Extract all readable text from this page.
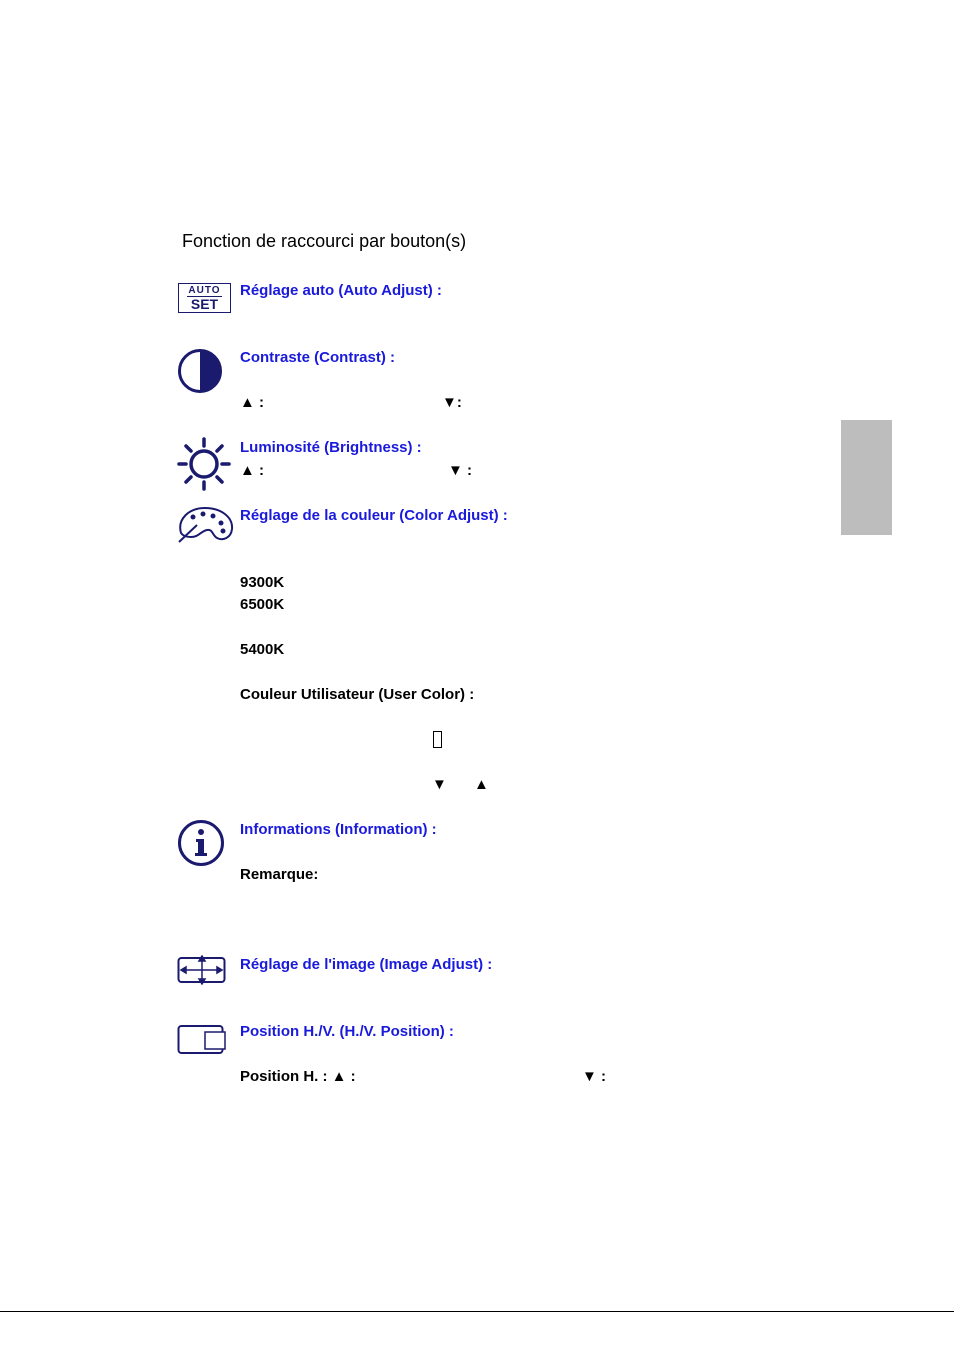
Fonction de raccourci par bouton(s)
AUTO
SET
Réglage auto (Auto Adjust) :
Contraste (Contrast) :
▲ :	▼:
Luminosité (Brightness) :
▲ :	▼ :
Réglage de la couleur (Color Adjust) :
9300K
6500K
5400K
Couleur Utilisateur (User Color) :
▼ ▲
Informations (Information) :
Remarque:
Réglage de l'image (Image Adjust) :
Position H./V. (H./V. Position) :
Position H. : ▲ :	▼ :
